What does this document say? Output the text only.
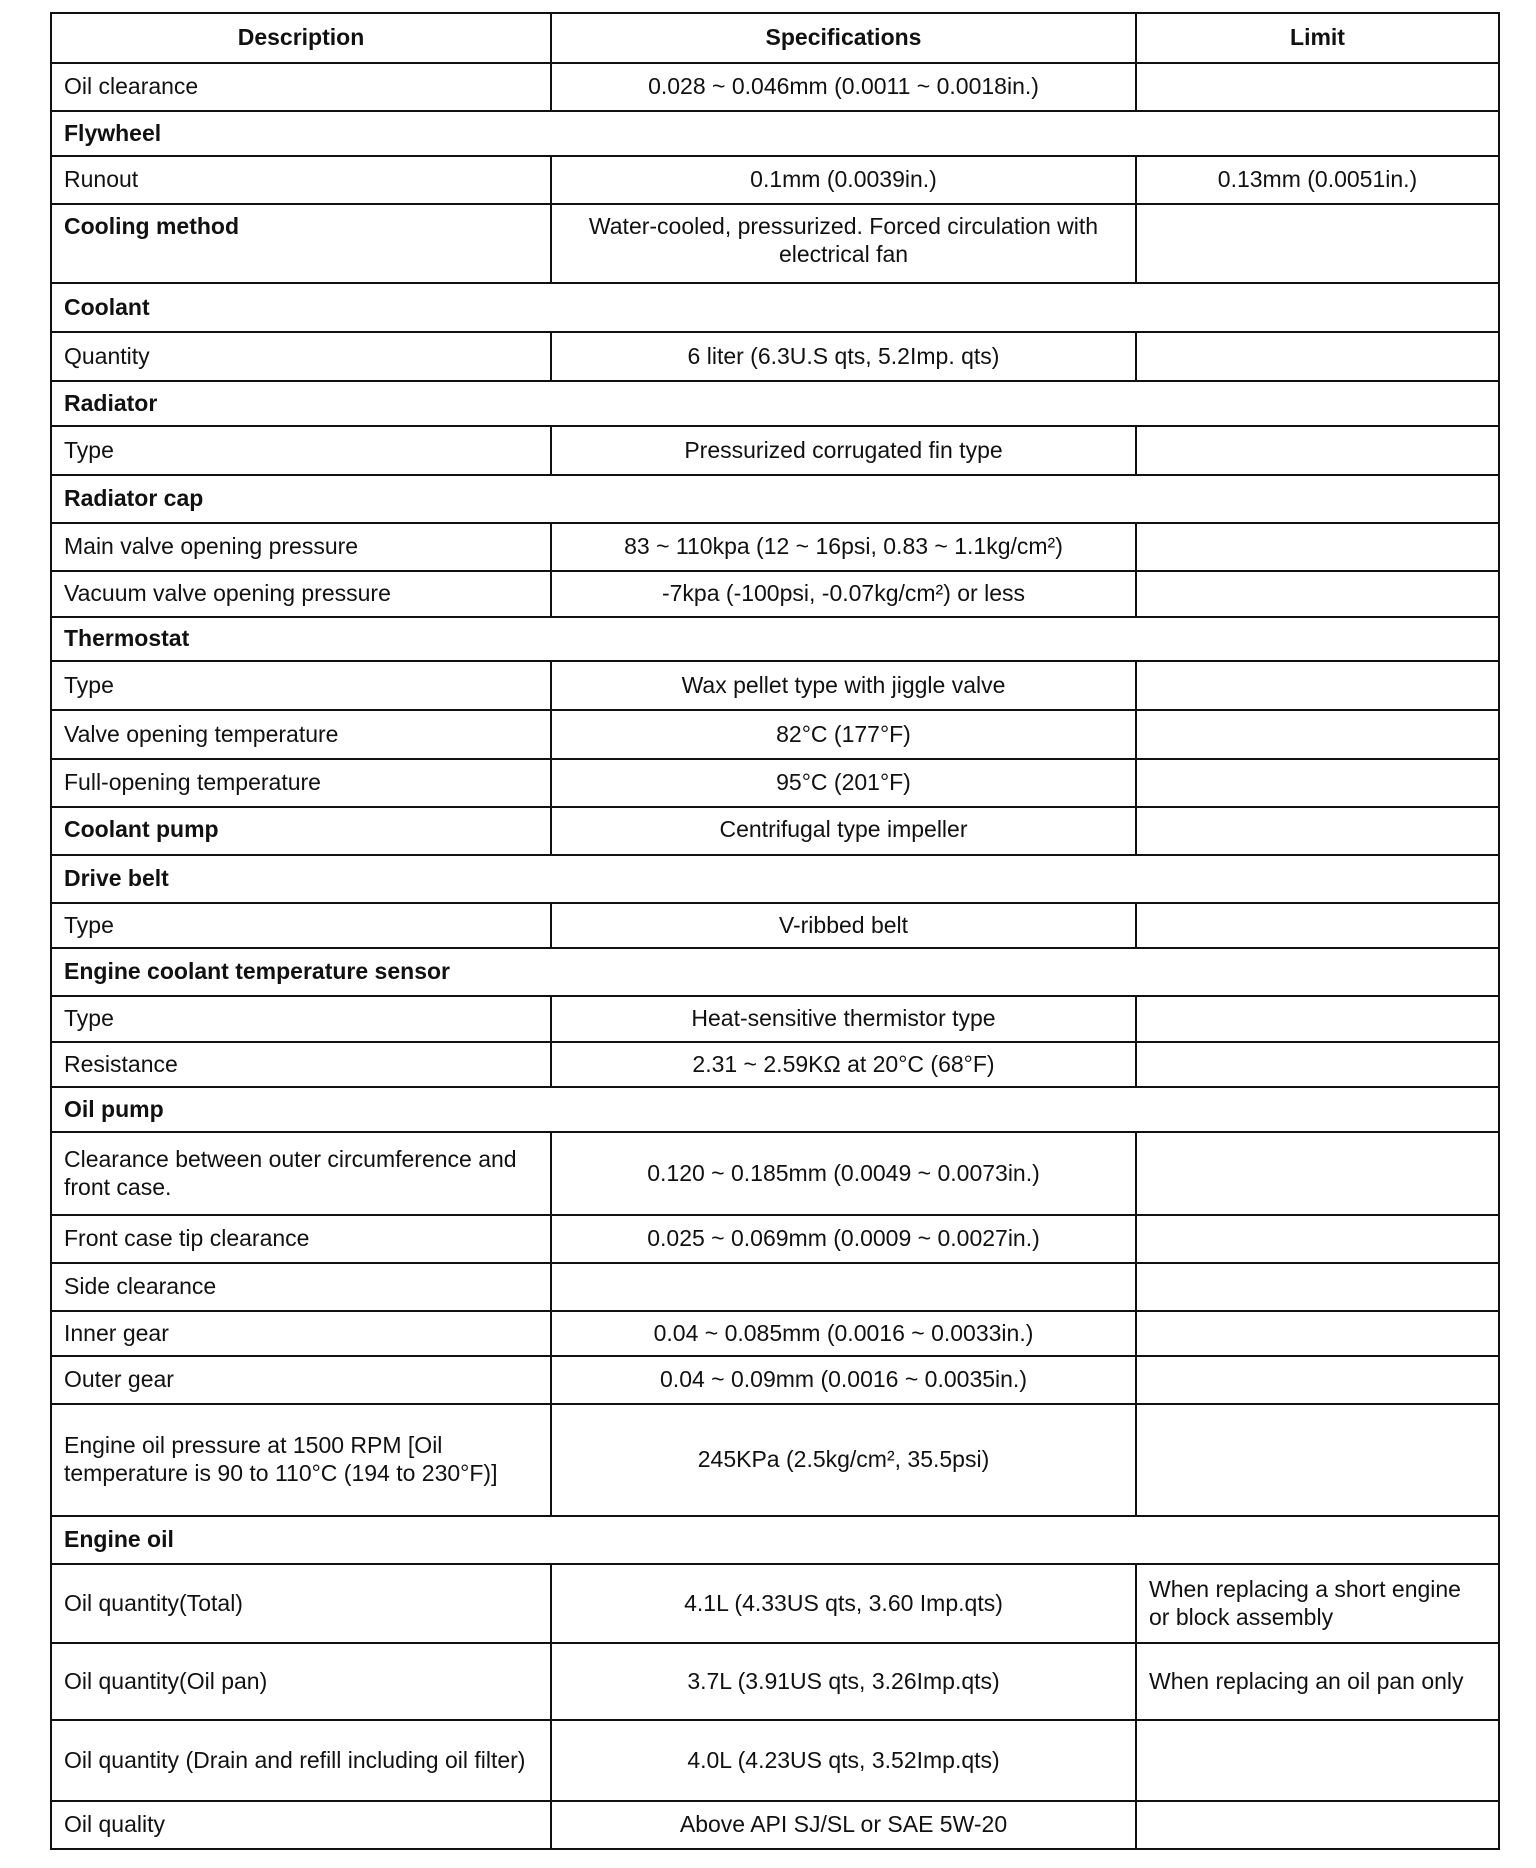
Description	Specifications	Limit
Oil clearance	0.028 ~ 0.046mm (0.0011 ~ 0.0018in.)	
Flywheel		
Runout	0.1mm (0.0039in.)	0.13mm (0.0051in.)
Cooling method	Water-cooled, pressurized. Forced circulation with electrical fan	
Coolant		
Quantity	6 liter (6.3U.S qts, 5.2Imp. qts)	
Radiator		
Type	Pressurized corrugated fin type	
Radiator cap		
Main valve opening pressure	83 ~ 110kpa (12 ~ 16psi, 0.83 ~ 1.1kg/cm²)	
Vacuum valve opening pressure	-7kpa (-100psi, -0.07kg/cm²) or less	
Thermostat		
Type	Wax pellet type with jiggle valve	
Valve opening temperature	82°C (177°F)	
Full-opening temperature	95°C (201°F)	
Coolant pump	Centrifugal type impeller	
Drive belt		
Type	V-ribbed belt	
Engine coolant temperature sensor		
Type	Heat-sensitive thermistor type	
Resistance	2.31 ~ 2.59KΩ at 20°C (68°F)	
Oil pump		
Clearance between outer circumference and front case.	0.120 ~ 0.185mm (0.0049 ~ 0.0073in.)	
Front case tip clearance	0.025 ~ 0.069mm (0.0009 ~ 0.0027in.)	
Side clearance		
Inner gear	0.04 ~ 0.085mm (0.0016 ~ 0.0033in.)	
Outer gear	0.04 ~ 0.09mm (0.0016 ~ 0.0035in.)	
Engine oil pressure at 1500 RPM [Oil temperature is 90 to 110°C (194 to 230°F)]	245KPa (2.5kg/cm², 35.5psi)	
Engine oil		
Oil quantity(Total)	4.1L (4.33US qts, 3.60 Imp.qts)	When replacing a short engine or block assembly
Oil quantity(Oil pan)	3.7L (3.91US qts, 3.26Imp.qts)	When replacing an oil pan only
Oil quantity (Drain and refill including oil filter)	4.0L (4.23US qts, 3.52Imp.qts)	
Oil quality	Above API SJ/SL or SAE 5W-20	
